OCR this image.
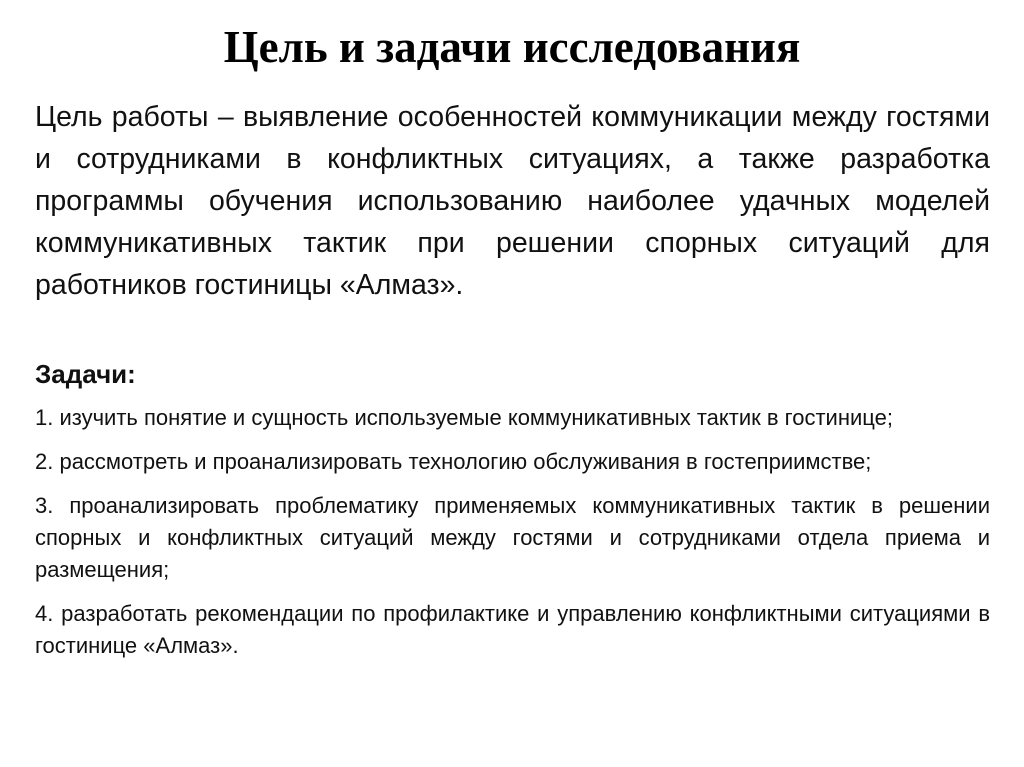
Цель и задачи исследования

Цель работы – выявление особенностей коммуникации между гостями и сотрудниками в конфликтных ситуациях, а также разработка программы обучения использованию наиболее удачных моделей коммуникативных тактик при решении спорных ситуаций для работников гостиницы «Алмаз».

Задачи:

1. изучить понятие и сущность используемые коммуникативных тактик в гостинице;
2. рассмотреть и проанализировать технологию обслуживания в гостеприимстве;
3. проанализировать проблематику применяемых коммуникативных тактик в решении спорных и конфликтных ситуаций между гостями и сотрудниками отдела приема и размещения;
4. разработать рекомендации по профилактике и управлению конфликтными ситуациями в гостинице «Алмаз».
